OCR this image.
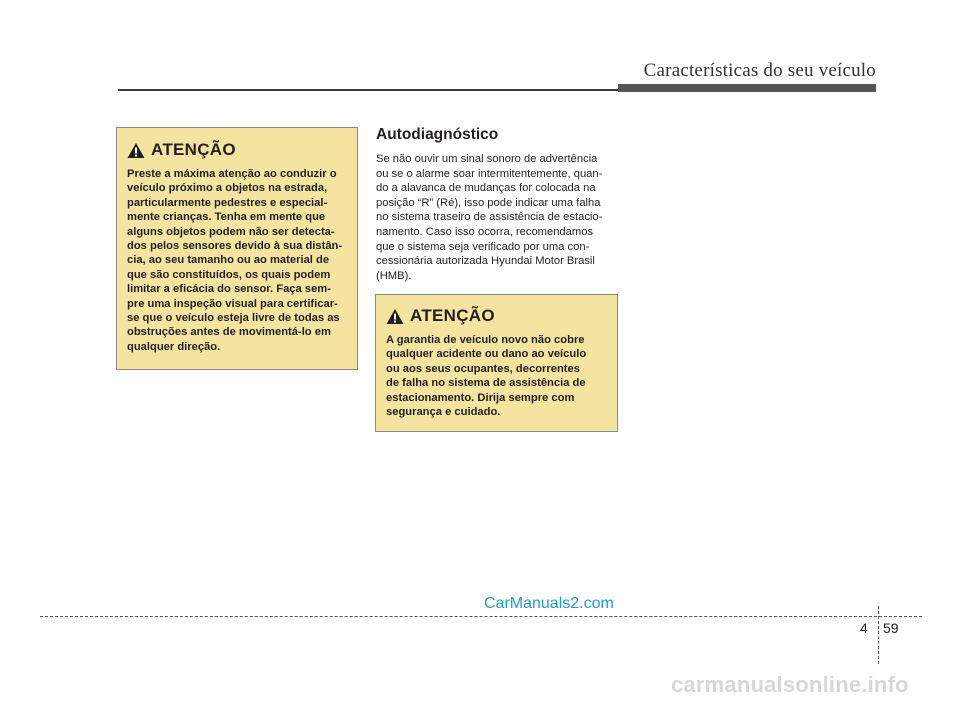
Características do seu veículo
ATENÇÃO
Preste a máxima atenção ao conduzir o
veículo próximo a objetos na estrada,
particularmente pedestres e especial-
mente crianças. Tenha em mente que
alguns objetos podem não ser detecta-
dos pelos sensores devido à sua distân-
cia, ao seu tamanho ou ao material de
que são constituídos, os quais podem
limitar a eficácia do sensor. Faça sem-
pre uma inspeção visual para certificar-
se que o veículo esteja livre de todas as
obstruções antes de movimentá-lo em
qualquer direção.
Autodiagnóstico
Se não ouvir um sinal sonoro de advertência
ou se o alarme soar intermitentemente, quan-
do a alavanca de mudanças for colocada na
posição “R” (Ré), isso pode indicar uma falha
no sistema traseiro de assistência de estacio-
namento. Caso isso ocorra, recomendamos
que o sistema seja verificado por uma con-
cessionária autorizada Hyundai Motor Brasil
(HMB).
ATENÇÃO
A garantia de veículo novo não cobre
qualquer acidente ou dano ao veículo
ou aos seus ocupantes, decorrentes
de falha no sistema de assistência de
estacionamento. Dirija sempre com
segurança e cuidado.
4 59
CarManuals2.com
carmanualsonline.info
